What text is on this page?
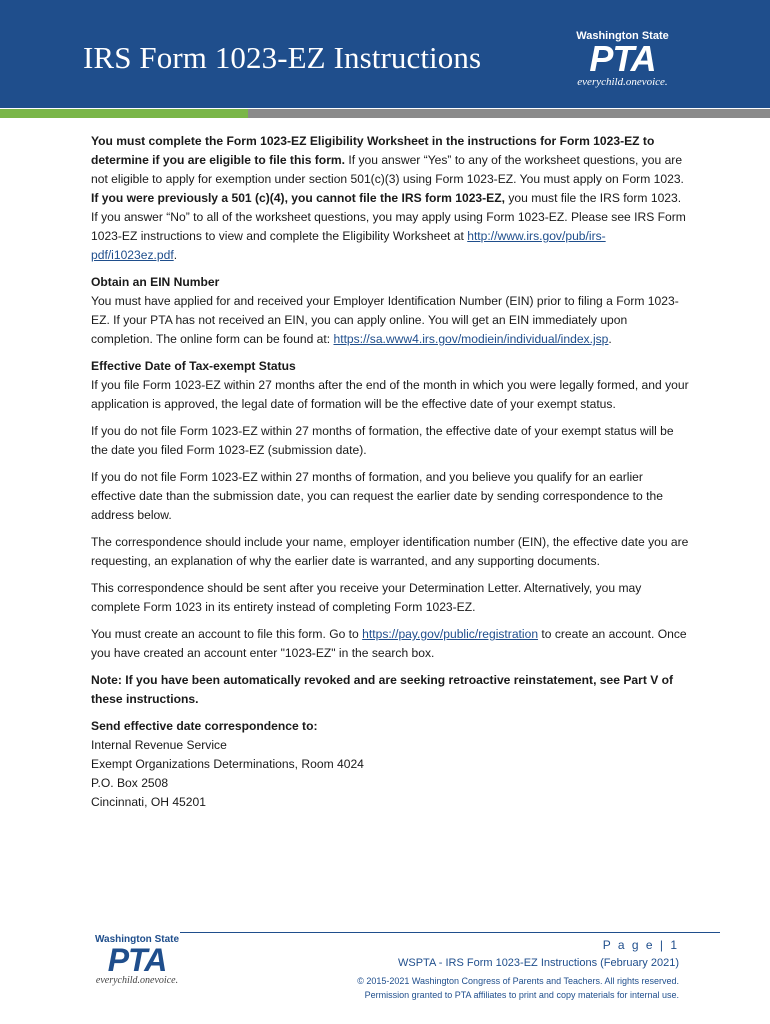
IRS Form 1023-EZ Instructions
Washington State
PTA
everychild.onevoice.

You must complete the Form 1023-EZ Eligibility Worksheet in the instructions for Form 1023-EZ to determine if you are eligible to file this form. If you answer “Yes” to any of the worksheet questions, you are not eligible to apply for exemption under section 501(c)(3) using Form 1023-EZ. You must apply on Form 1023. If you were previously a 501 (c)(4), you cannot file the IRS form 1023-EZ, you must file the IRS form 1023. If you answer “No” to all of the worksheet questions, you may apply using Form 1023-EZ. Please see IRS Form 1023-EZ instructions to view and complete the Eligibility Worksheet at http://www.irs.gov/pub/irs-pdf/i1023ez.pdf.

Obtain an EIN Number
You must have applied for and received your Employer Identification Number (EIN) prior to filing a Form 1023-EZ. If your PTA has not received an EIN, you can apply online. You will get an EIN immediately upon completion. The online form can be found at: https://sa.www4.irs.gov/modiein/individual/index.jsp.

Effective Date of Tax-exempt Status
If you file Form 1023-EZ within 27 months after the end of the month in which you were legally formed, and your application is approved, the legal date of formation will be the effective date of your exempt status.

If you do not file Form 1023-EZ within 27 months of formation, the effective date of your exempt status will be the date you filed Form 1023-EZ (submission date).

If you do not file Form 1023-EZ within 27 months of formation, and you believe you qualify for an earlier effective date than the submission date, you can request the earlier date by sending correspondence to the address below.

The correspondence should include your name, employer identification number (EIN), the effective date you are requesting, an explanation of why the earlier date is warranted, and any supporting documents.

This correspondence should be sent after you receive your Determination Letter. Alternatively, you may complete Form 1023 in its entirety instead of completing Form 1023-EZ.

You must create an account to file this form. Go to https://pay.gov/public/registration to create an account. Once you have created an account enter "1023-EZ" in the search box.

Note: If you have been automatically revoked and are seeking retroactive reinstatement, see Part V of these instructions.

Send effective date correspondence to:
Internal Revenue Service
Exempt Organizations Determinations, Room 4024
P.O. Box 2508
Cincinnati, OH 45201
Washington State
PTA
everychild.onevoice.
P a g e | 1
WSPTA - IRS Form 1023-EZ Instructions (February 2021)
© 2015-2021 Washington Congress of Parents and Teachers. All rights reserved.
Permission granted to PTA affiliates to print and copy materials for internal use.
